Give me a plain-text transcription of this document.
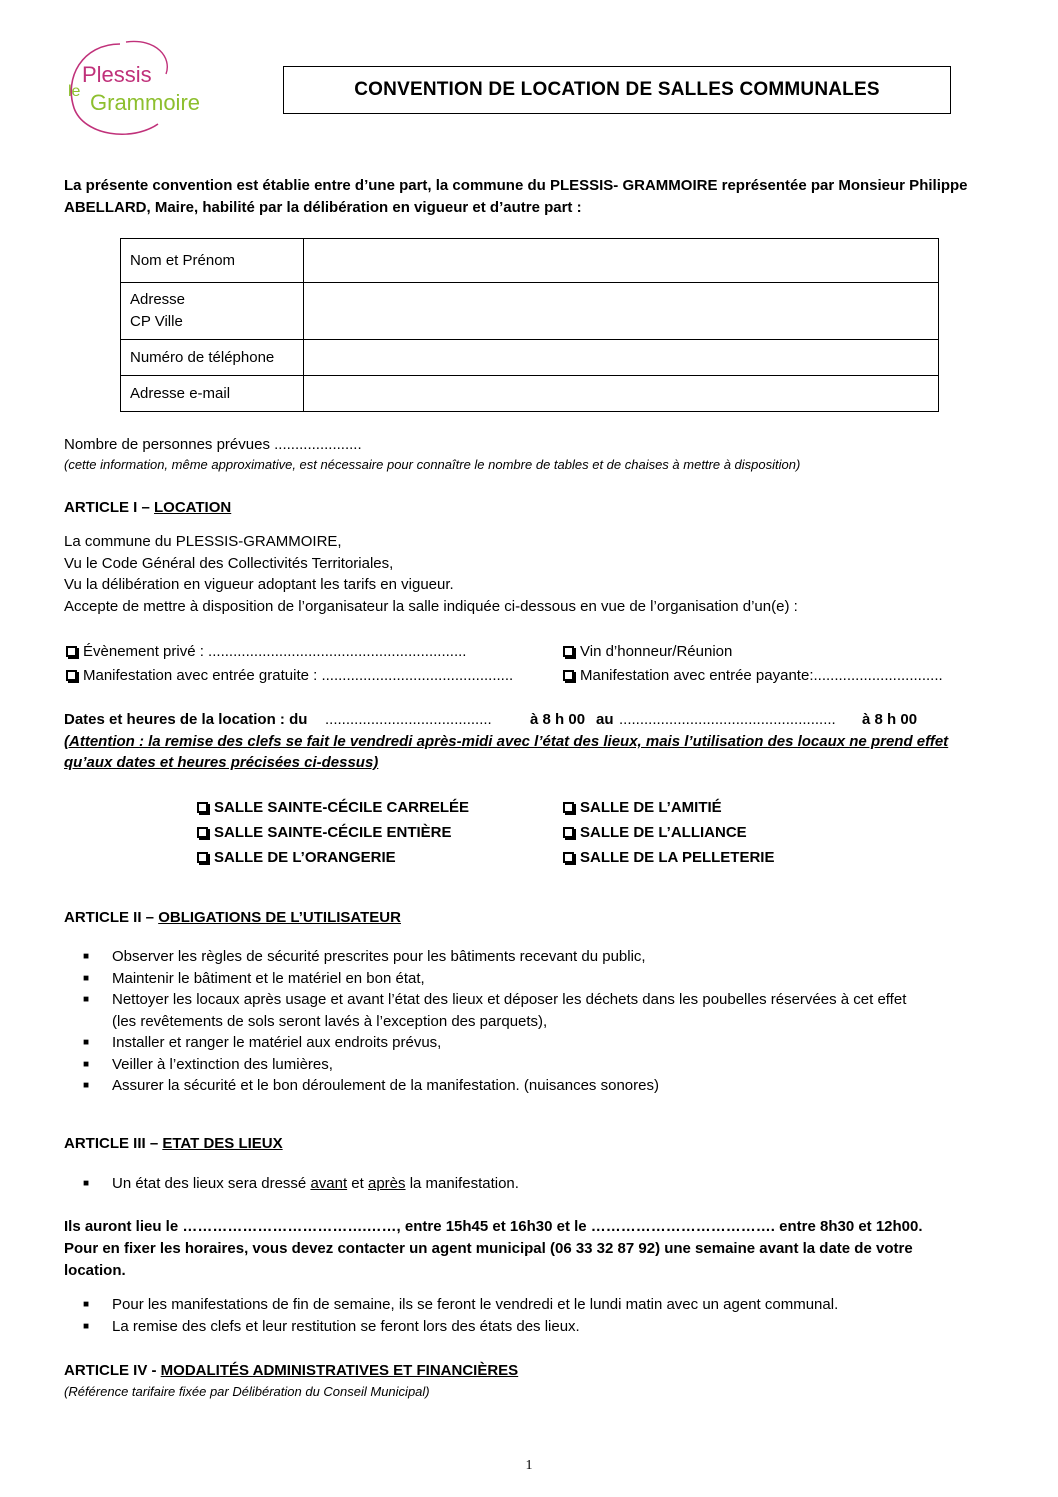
le
Plessis
Grammoire
CONVENTION DE LOCATION DE SALLES COMMUNALES
La présente convention est établie entre d’une part, la commune du PLESSIS- GRAMMOIRE représentée par Monsieur Philippe ABELLARD, Maire, habilité par la délibération en vigueur et d’autre part :
Nom et Prénom	

Adresse
CP Ville	

Numéro de téléphone	
Adresse e-mail	
Nombre de personnes prévues .....................
(cette information, même approximative, est nécessaire pour connaître le nombre de tables et de chaises à mettre à disposition)
ARTICLE I – LOCATION
La commune du PLESSIS-GRAMMOIRE,
Vu le Code Général des Collectivités Territoriales,
Vu la délibération en vigueur adoptant les tarifs en vigueur.
Accepte de mettre à disposition de l’organisateur la salle indiquée ci-dessous en vue de l’organisation d’un(e) :
Évènement privé : ..............................................................	Vin d’honneur/Réunion
Manifestation avec entrée gratuite : ..............................................	Manifestation avec entrée payante:...............................
Dates et heures de la location : du ........................................	à 8 h 00 au .................................................... à 8 h 00
(Attention : la remise des clefs se fait le vendredi après-midi avec l’état des lieux, mais l’utilisation des locaux ne prend effet
qu’aux dates et heures précisées ci-dessus)
SALLE SAINTE-CÉCILE CARRELÉE
SALLE SAINTE-CÉCILE ENTIÈRE
SALLE DE L’ORANGERIE
SALLE DE L’AMITIÉ
SALLE DE L’ALLIANCE
SALLE DE LA PELLETERIE
ARTICLE II – OBLIGATIONS DE L’UTILISATEUR
■	Observer les règles de sécurité prescrites pour les bâtiments recevant du public,
■	Maintenir le bâtiment et le matériel en bon état,
■	Nettoyer les locaux après usage et avant l’état des lieux et déposer les déchets dans les poubelles réservées à cet effet
(les revêtements de sols seront lavés à l’exception des parquets),
■	Installer et ranger le matériel aux endroits prévus,
■	Veiller à l’extinction des lumières,
■	Assurer la sécurité et le bon déroulement de la manifestation. (nuisances sonores)
ARTICLE III – ETAT DES LIEUX
■	Un état des lieux sera dressé avant et après la manifestation.
Ils auront lieu le ……………………………….……, entre 15h45 et 16h30 et le ………………………………. entre 8h30 et 12h00.
Pour en fixer les horaires, vous devez contacter un agent municipal (06 33 32 87 92) une semaine avant la date de votre
location.
■	Pour les manifestations de fin de semaine, ils se feront le vendredi et le lundi matin avec un agent communal.
■	La remise des clefs et leur restitution se feront lors des états des lieux.
ARTICLE IV - MODALITÉS ADMINISTRATIVES ET FINANCIÈRES
(Référence tarifaire fixée par Délibération du Conseil Municipal)
1
